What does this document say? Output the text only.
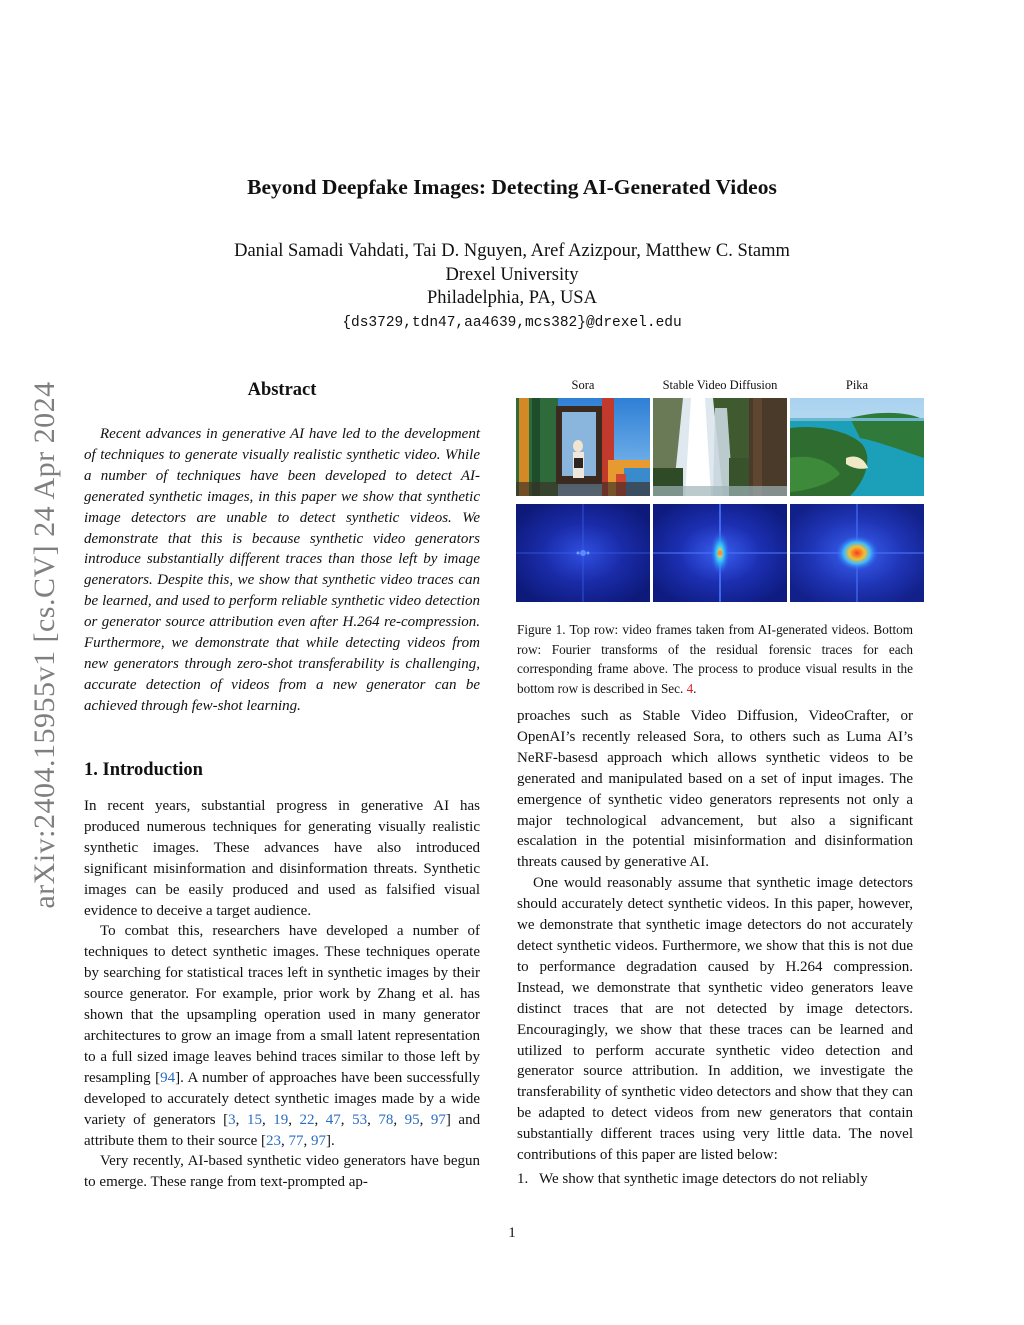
arXiv:2404.15955v1 [cs.CV] 24 Apr 2024
Beyond Deepfake Images: Detecting AI-Generated Videos
Danial Samadi Vahdati, Tai D. Nguyen, Aref Azizpour, Matthew C. Stamm
Drexel University
Philadelphia, PA, USA
{ds3729,tdn47,aa4639,mcs382}@drexel.edu
Abstract

Recent advances in generative AI have led to the development of techniques to generate visually realistic synthetic video. While a number of techniques have been developed to detect AI-generated synthetic images, in this paper we show that synthetic image detectors are unable to detect synthetic videos. We demonstrate that this is because synthetic video generators introduce substantially different traces than those left by image generators. Despite this, we show that synthetic video traces can be learned, and used to perform reliable synthetic video detection or generator source attribution even after H.264 re-compression. Furthermore, we demonstrate that while detecting videos from new generators through zero-shot transferability is challenging, accurate detection of videos from a new generator can be achieved through few-shot learning.

1. Introduction

In recent years, substantial progress in generative AI has produced numerous techniques for generating visually realistic synthetic images. These advances have also introduced significant misinformation and disinformation threats. Synthetic images can be easily produced and used as falsified visual evidence to deceive a target audience.

To combat this, researchers have developed a number of techniques to detect synthetic images. These techniques operate by searching for statistical traces left in synthetic images by their source generator. For example, prior work by Zhang et al. has shown that the upsampling operation used in many generator architectures to grow an image from a small latent representation to a full sized image leaves behind traces similar to those left by resampling [94]. A number of approaches have been successfully developed to accurately detect synthetic images made by a wide variety of generators [3, 15, 19, 22, 47, 53, 78, 95, 97] and attribute them to their source [23, 77, 97].

Very recently, AI-based synthetic video generators have begun to emerge. These range from text-prompted ap-

Sora	Stable Video Diffusion	Pika
Figure 1. Top row: video frames taken from AI-generated videos. Bottom row: Fourier transforms of the residual forensic traces for each corresponding frame above. The process to produce visual results in the bottom row is described in Sec. 4.

proaches such as Stable Video Diffusion, VideoCrafter, or OpenAI’s recently released Sora, to others such as Luma AI’s NeRF-basesd approach which allows synthetic videos to be generated and manipulated based on a set of input images. The emergence of synthetic video generators represents not only a major technological advancement, but also a significant escalation in the potential misinformation and disinformation threats caused by generative AI.

One would reasonably assume that synthetic image detectors should accurately detect synthetic videos. In this paper, however, we demonstrate that synthetic image detectors do not accurately detect synthetic videos. Furthermore, we show that this is not due to performance degradation caused by H.264 compression. Instead, we demonstrate that synthetic video generators leave distinct traces that are not detected by image detectors. Encouragingly, we show that these traces can be learned and utilized to perform accurate synthetic video detection and generator source attribution. In addition, we investigate the transferability of synthetic video detectors and show that they can be adapted to detect videos from new generators that contain substantially different traces using very little data. The novel contributions of this paper are listed below:

1. We show that synthetic image detectors do not reliably
1
